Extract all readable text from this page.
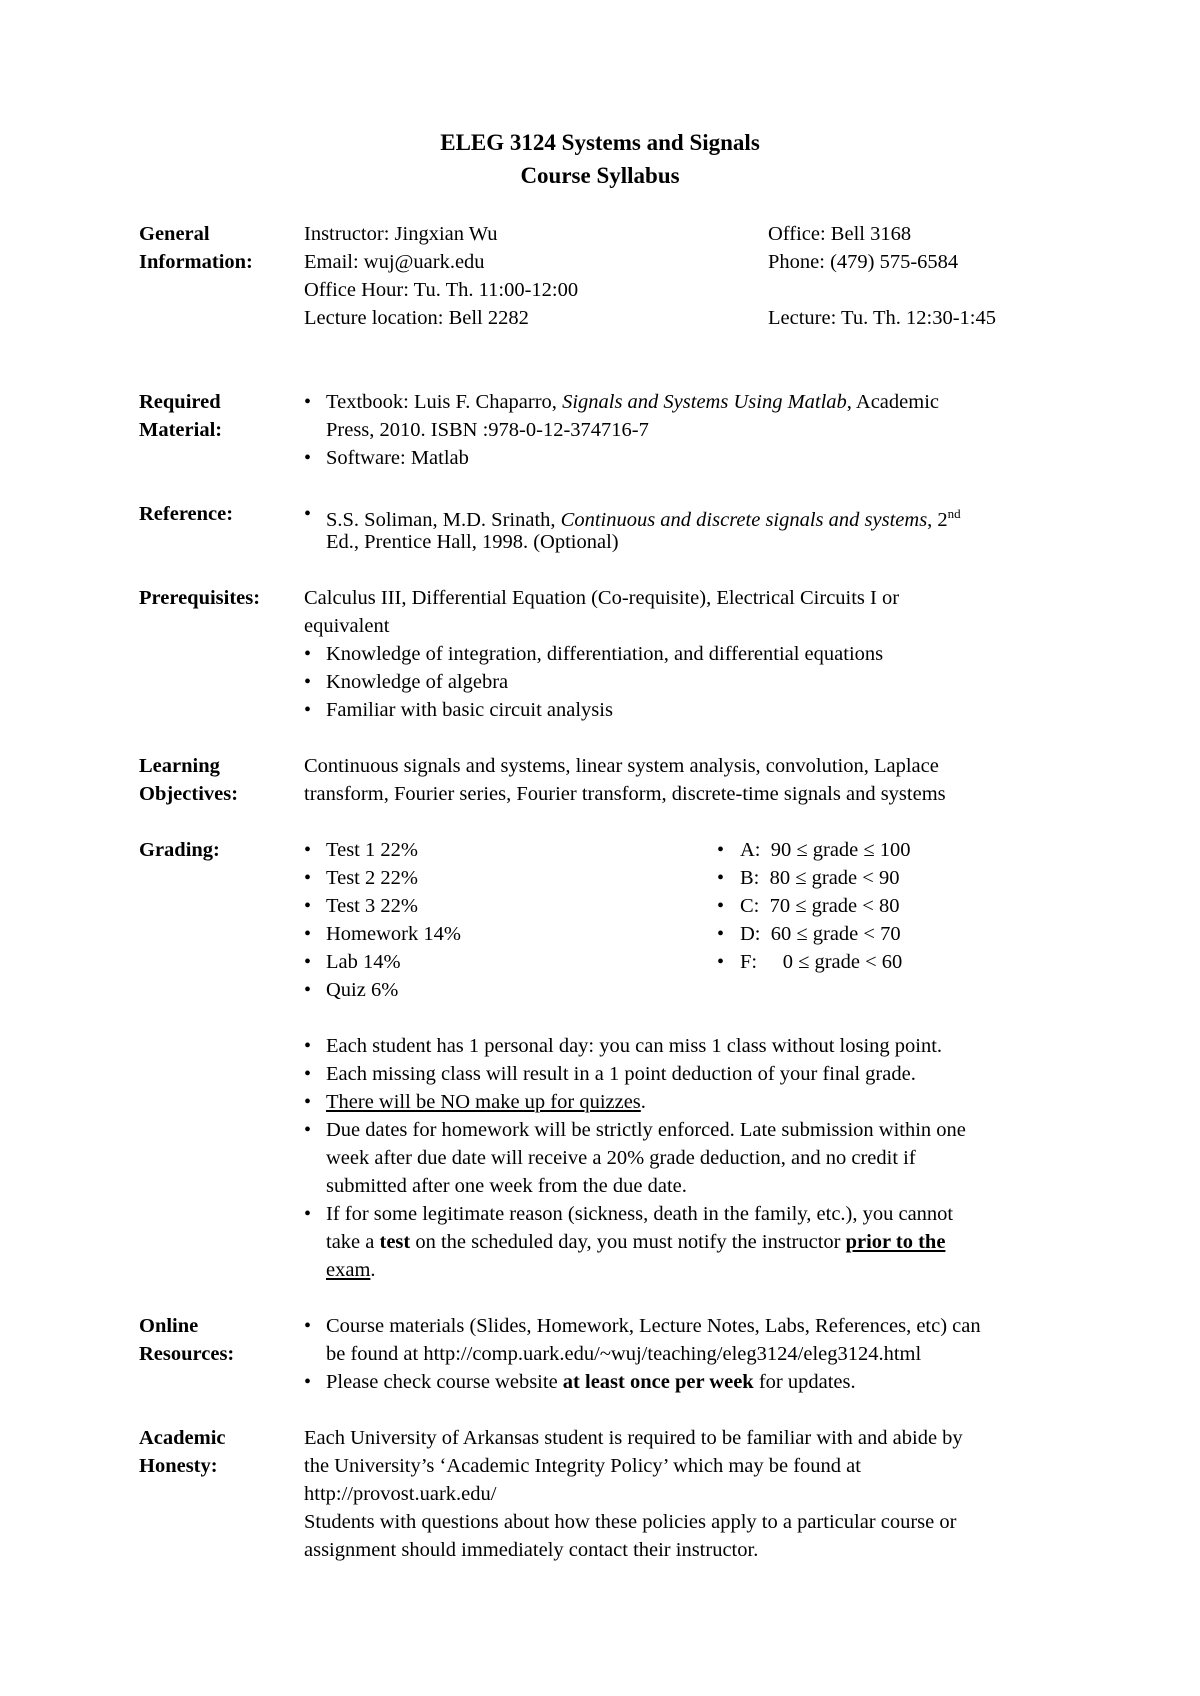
ELEG 3124 Systems and Signals
Course Syllabus
General
Information:
Instructor: Jingxian Wu
Email: wuj@uark.edu
Office Hour: Tu. Th. 11:00-12:00
Lecture location: Bell 2282
Office: Bell 3168
Phone: (479) 575-6584
Lecture: Tu. Th. 12:30-1:45
Required
Material:
• Textbook: Luis F. Chaparro, Signals and Systems Using Matlab, Academic
Press, 2010. ISBN :978-0-12-374716-7
• Software: Matlab
Reference:	• S.S. Soliman, M.D. Srinath, Continuous and discrete signals and systems, 2nd
Ed., Prentice Hall, 1998. (Optional)
Prerequisites: Calculus III, Differential Equation (Co-requisite), Electrical Circuits I or
equivalent
• Knowledge of integration, differentiation, and differential equations
• Knowledge of algebra
• Familiar with basic circuit analysis
Learning
Objectives:
Continuous signals and systems, linear system analysis, convolution, Laplace
transform, Fourier series, Fourier transform, discrete-time signals and systems
Grading:	• Test 1 22%
• Test 2 22%
• Test 3 22%
• Homework 14%
• Lab 14%
• Quiz 6%
• A:  90 ≤ grade ≤ 100
• B:  80 ≤ grade < 90
• C:  70 ≤ grade < 80
• D:  60 ≤ grade < 70
• F:     0 ≤ grade < 60
• Each student has 1 personal day: you can miss 1 class without losing point.
• Each missing class will result in a 1 point deduction of your final grade.
• There will be NO make up for quizzes.
• Due dates for homework will be strictly enforced. Late submission within one
week after due date will receive a 20% grade deduction, and no credit if
submitted after one week from the due date.
• If for some legitimate reason (sickness, death in the family, etc.), you cannot
take a test on the scheduled day, you must notify the instructor prior to the
exam.
Online
Resources:
• Course materials (Slides, Homework, Lecture Notes, Labs, References, etc) can
be found at http://comp.uark.edu/~wuj/teaching/eleg3124/eleg3124.html
• Please check course website at least once per week for updates.
Academic
Honesty:
Each University of Arkansas student is required to be familiar with and abide by
the University’s ‘Academic Integrity Policy’ which may be found at
http://provost.uark.edu/
Students with questions about how these policies apply to a particular course or
assignment should immediately contact their instructor.
